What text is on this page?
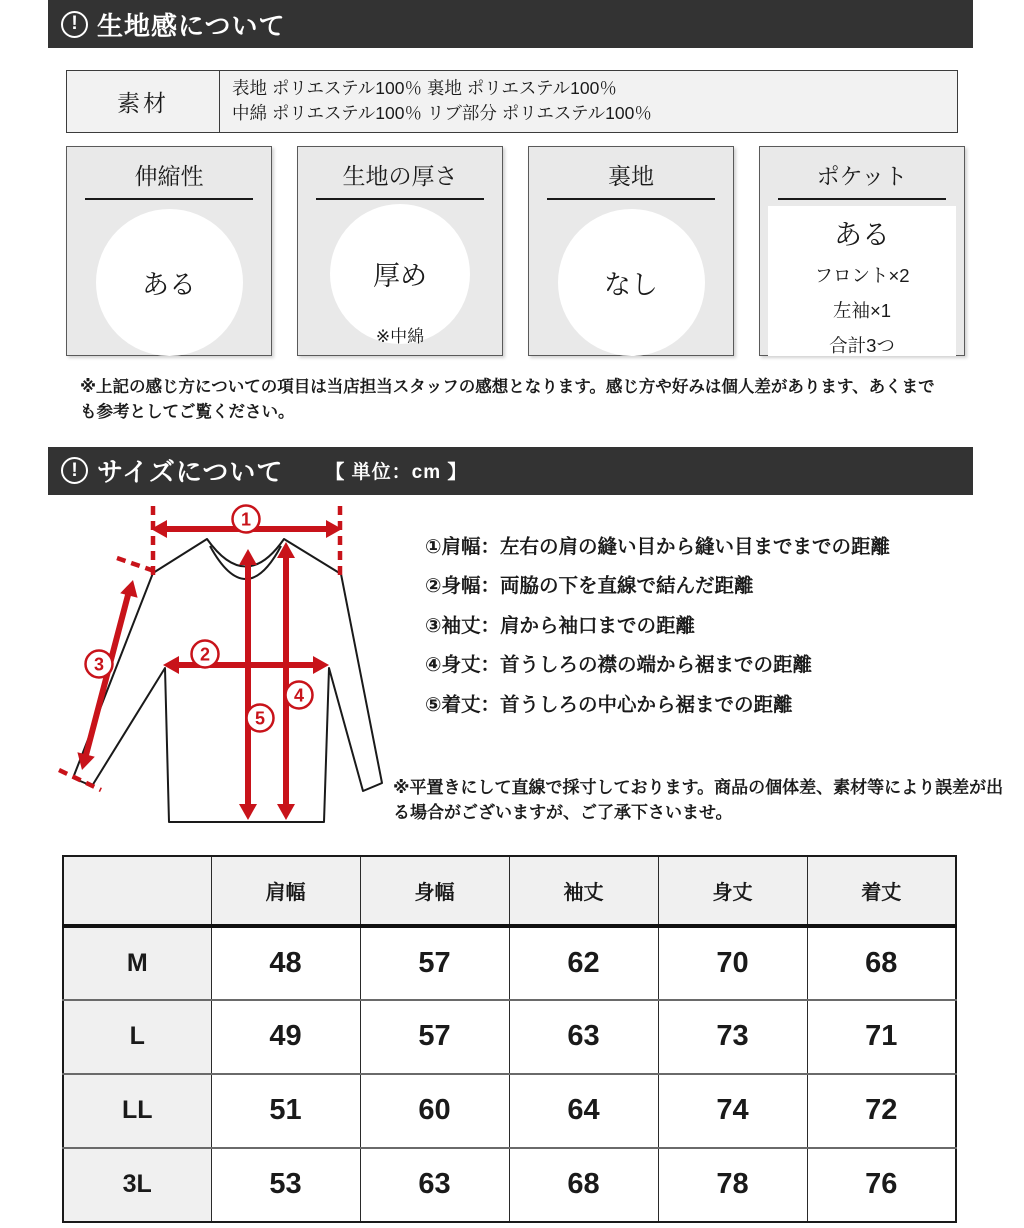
! 生地感について
素材
表地 ポリエステル100％ 裏地 ポリエステル100％
中綿 ポリエステル100％ リブ部分 ポリエステル100％
伸縮性
ある
生地の厚さ
厚め
※中綿
裏地
なし
ポケット
ある
フロント×2
左袖×1
合計3つ
※上記の感じ方についての項目は当店担当スタッフの感想となります。感じ方や好みは個人差があります、あくまでも参考としてご覧ください。
! サイズについて 【 単位：cm 】
1
2
3
4
5
①肩幅：左右の肩の縫い目から縫い目までまでの距離
②身幅：両脇の下を直線で結んだ距離
③袖丈：肩から袖口までの距離
④身丈：首うしろの襟の端から裾までの距離
⑤着丈：首うしろの中心から裾までの距離
※平置きにして直線で採寸しております。商品の個体差、素材等により誤差が出る場合がございますが、ご了承下さいませ。
	肩幅	身幅	袖丈	身丈	着丈
M	48	57	62	70	68
L	49	57	63	73	71
LL	51	60	64	74	72
3L	53	63	68	78	76
